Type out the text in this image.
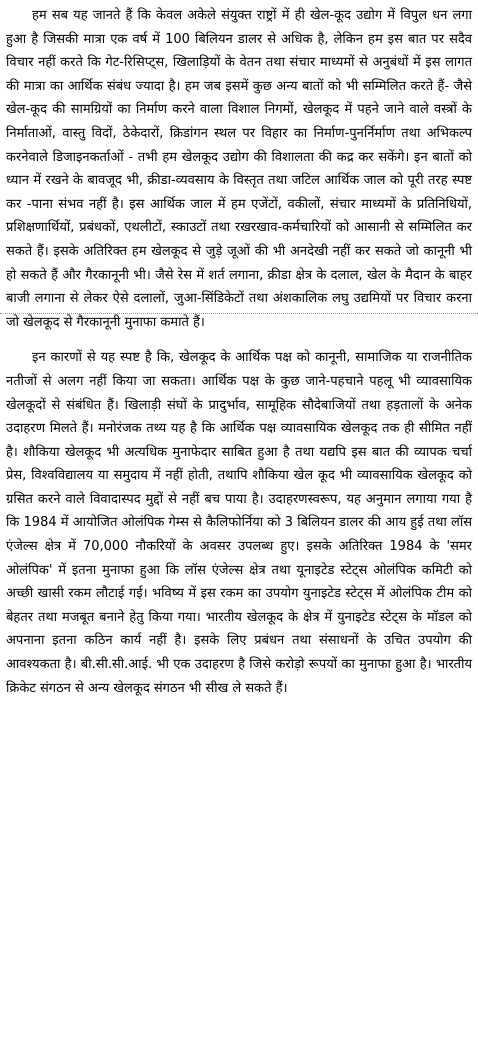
हम सब यह जानते हैं कि केवल अकेले संयुक्त राष्ट्रों में ही खेल-कूद उद्योग में विपुल धन लगा हुआ है जिसकी मात्रा एक वर्ष में 100 बिलियन डालर से अधिक है, लेकिन हम इस बात पर सदैव विचार नहीं करते कि गेट-रिसिप्ट्स, खिलाड़ियों के वेतन तथा संचार माध्यमों से अनुबंधों में इस लागत की मात्रा का आर्थिक संबंध ज्यादा है। हम जब इसमें कुछ अन्य बातों को भी सम्मिलित करते हैं- जैसे खेल-कूद की सामग्रियों का निर्माण करने वाला विशाल निगमों, खेलकूद में पहने जाने वाले वस्त्रों के निर्माताओं, वास्तु विदों, ठेकेदारों, क्रिडांगन स्थल पर विहार का निर्माण-पुनर्निर्माण तथा अभिकल्प करनेवाले डिजाइनकर्ताओं - तभी हम खेलकूद उद्योग की विशालता की कद्र कर सकेंगे। इन बातों को ध्यान में रखने के बावजूद भी, क्रीडा-व्यवसाय के विस्तृत तथा जटिल आर्थिक जाल को पूरी तरह स्पष्ट कर -पाना संभव नहीं है। इस आर्थिक जाल में हम एजेंटों, वकीलों, संचार माध्यमों के प्रतिनिधियों, प्रशिक्षणार्थियों, प्रबंधकों, एथलीटों, स्काउटों तथा रखरखाव-कर्मचारियों को आसानी से सम्मिलित कर सकते हैं। इसके अतिरिक्त हम खेलकूद से जुड़े जूओं की भी अनदेखी नहीं कर सकते जो कानूनी भी हो सकते हैं और गैरकानूनी भी। जैसे रेस में शर्त लगाना, क्रीडा क्षेत्र के दलाल, खेल के मैदान के बाहर बाजी लगाना से लेकर ऐसे दलालों, जुआ-सिंडिकेटों तथा अंशकालिक लघु उद्यमियों पर विचार करना जो खेलकूद से गैरकानूनी मुनाफा कमाते हैं।

इन कारणों से यह स्पष्ट है कि, खेलकूद के आर्थिक पक्ष को कानूनी, सामाजिक या राजनीतिक नतीजों से अलग नहीं किया जा सकता। आर्थिक पक्ष के कुछ जाने-पहचाने पहलू भी व्यावसायिक खेलकूदों से संबंधित हैं। खिलाड़ी संघों के प्रादुर्भाव, सामूहिक सौदेबाजियों तथा हड़तालों के अनेक उदाहरण मिलते हैं। मनोरंजक तथ्य यह है कि आर्थिक पक्ष व्यावसायिक खेलकूद तक ही सीमित नहीं है। शौकिया खेलकूद भी अत्यधिक मुनाफेदार साबित हुआ है तथा यद्यपि इस बात की व्यापक चर्चा प्रेस, विश्वविद्यालय या समुदाय में नहीं होती, तथापि शौकिया खेल कूद भी व्यावसायिक खेलकूद को ग्रसित करने वाले विवादास्पद मुद्दों से नहीं बच पाया है। उदाहरणस्वरूप, यह अनुमान लगाया गया है कि 1984 में आयोजित ओलंपिक गेम्स से कैलिफोर्निया को 3 बिलियन डालर की आय हुई तथा लॉस एंजेल्स क्षेत्र में 70,000 नौकरियों के अवसर उपलब्ध हुए। इसके अतिरिक्त 1984 के 'समर ओलंपिक' में इतना मुनाफा हुआ कि लॉस एंजेल्स क्षेत्र तथा यूनाइटेड स्टेट्स ओलंपिक कमिटी को अच्छी खासी रकम लौटाई गई। भविष्य में इस रकम का उपयोग युनाइटेड स्टेट्स में ओलंपिक टीम को बेहतर तथा मजबूत बनाने हेतु किया गया। भारतीय खेलकूद के क्षेत्र में युनाइटेड स्टेट्स के मॉडल को अपनाना इतना कठिन कार्य नहीं है। इसके लिए प्रबंधन तथा संसाधनों के उचित उपयोग की आवश्यकता है। बी.सी.सी.आई. भी एक उदाहरण है जिसे करोड़ो रूपयों का मुनाफा हुआ है। भारतीय क्रिकेट संगठन से अन्य खेलकूद संगठन भी सीख ले सकते हैं।
